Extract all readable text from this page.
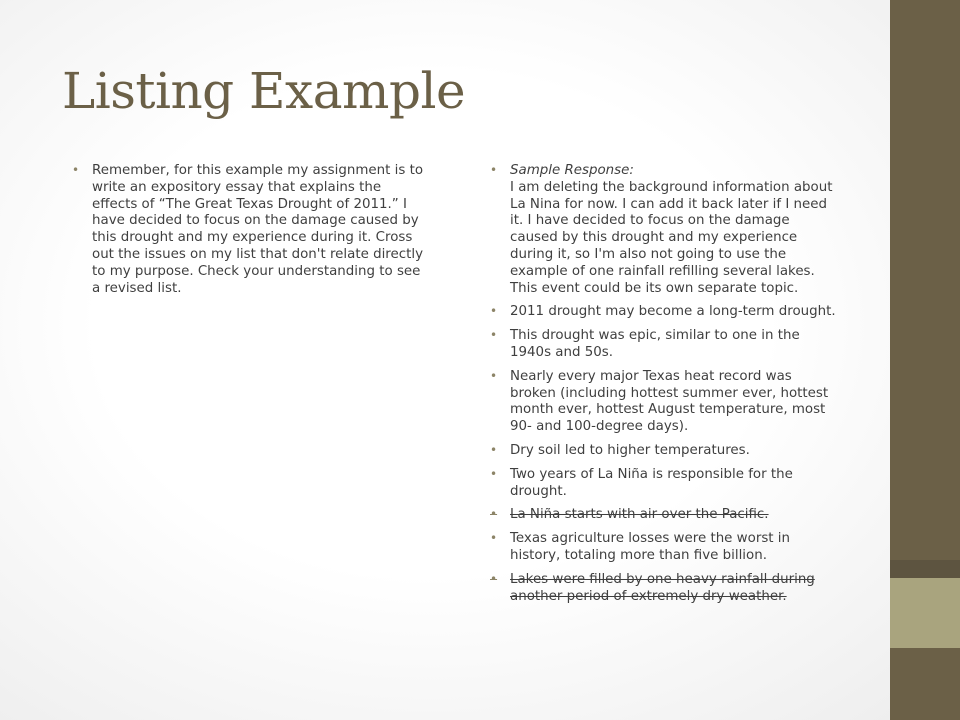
Listing Example
• Remember, for this example my assignment is to write an expository essay that explains the effects of “The Great Texas Drought of 2011.” I have decided to focus on the damage caused by this drought and my experience during it. Cross out the issues on my list that don't relate directly to my purpose. Check your understanding to see a revised list.
• Sample Response:
I am deleting the background information about La Nina for now. I can add it back later if I need it. I have decided to focus on the damage caused by this drought and my experience during it, so I'm also not going to use the example of one rainfall refilling several lakes. This event could be its own separate topic.
• 2011 drought may become a long-term drought.
• This drought was epic, similar to one in the 1940s and 50s.
• Nearly every major Texas heat record was broken (including hottest summer ever, hottest month ever, hottest August temperature, most 90- and 100-degree days).
• Dry soil led to higher temperatures.
• Two years of La Niña is responsible for the drought.
• La Niña starts with air over the Pacific.
• Texas agriculture losses were the worst in history, totaling more than five billion.
• Lakes were filled by one heavy rainfall during another period of extremely dry weather.
